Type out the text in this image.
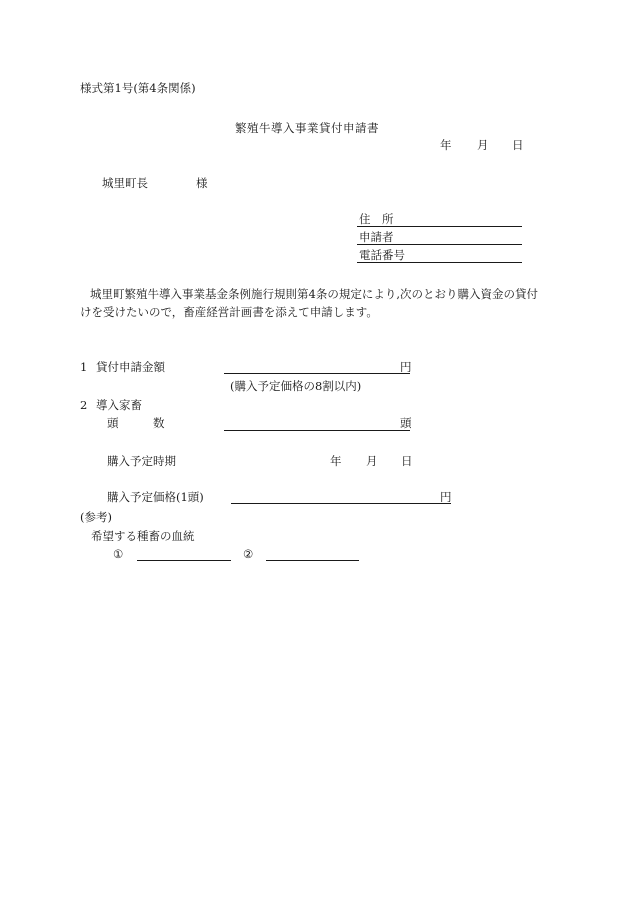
様式第1号(第4条関係)
繁殖牛導入事業貸付申請書
年 月 日
城里町長	様
住　所
申請者
電話番号
城里町繁殖牛導入事業基金条例施行規則第4条の規定により,次のとおり購入資金の貸付
けを受けたいので，畜産経営計画書を添えて申請します。
1 貸付申請金額	円
(購入予定価格の8割以内)
2 導入家畜
頭　　　数	頭
購入予定時期	年 月 日
購入予定価格(1頭)	円
(参考)
希望する種畜の血統
①	②
